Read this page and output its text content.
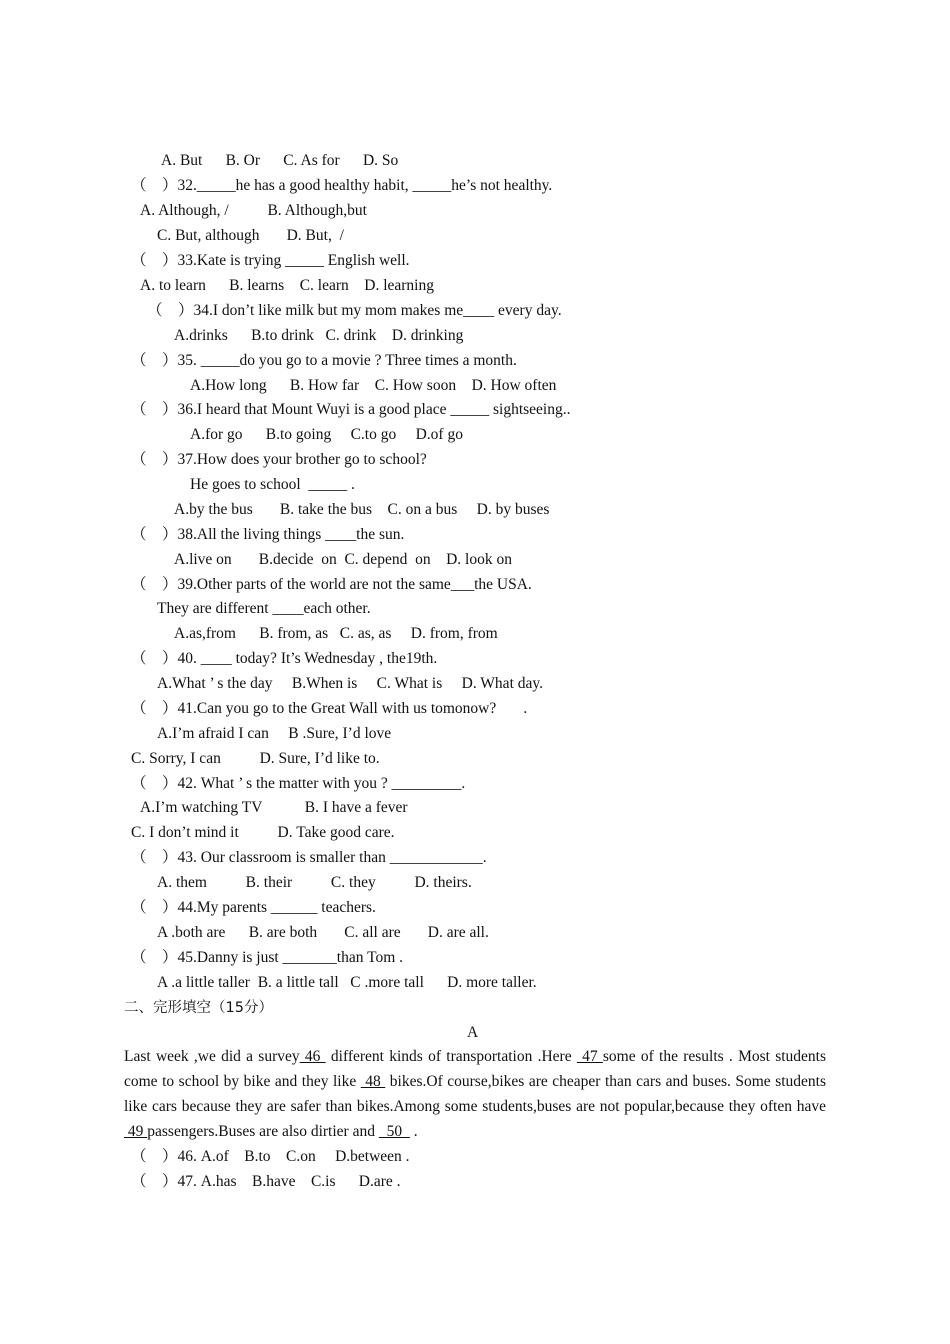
A. But      B. Or      C. As for      D. So
（    ）32._____he has a good healthy habit, _____he’s not healthy.
A. Although, /          B. Although,but
C. But, although       D. But,  /
（    ）33.Kate is trying _____ English well.
A. to learn      B. learns    C. learn    D. learning
（    ）34.I don’t like milk but my mom makes me____ every day.
A.drinks      B.to drink   C. drink    D. drinking
（    ）35. _____do you go to a movie ? Three times a month.
A.How long      B. How far    C. How soon    D. How often
（    ）36.I heard that Mount Wuyi is a good place _____ sightseeing..
A.for go      B.to going     C.to go     D.of go
（    ）37.How does your brother go to school?
He goes to school  _____ .
A.by the bus       B. take the bus    C. on a bus     D. by buses
（    ）38.All the living things ____the sun.
A.live on       B.decide  on  C. depend  on    D. look on
（    ）39.Other parts of the world are not the same___the USA.
They are different ____each other.
A.as,from      B. from, as   C. as, as     D. from, from
（    ）40. ____ today? It’s Wednesday , the19th.
A.What ’ s the day     B.When is     C. What is     D. What day.
（    ）41.Can you go to the Great Wall with us tomonow?       .
A.I’m afraid I can     B .Sure, I’d love
C. Sorry, I can          D. Sure, I’d like to.
（    ）42. What ’ s the matter with you ? _________.
A.I’m watching TV           B. I have a fever
C. I don’t mind it          D. Take good care.
（    ）43. Our classroom is smaller than ____________.
A. them          B. their          C. they          D. theirs.
（    ）44.My parents ______ teachers.
A .both are      B. are both       C. all are       D. are all.
（    ）45.Danny is just _______than Tom .
A .a little taller  B. a little tall   C .more tall      D. more taller.
二、完形填空（15分）
A
Last week ,we did a survey 46  different kinds of transportation .Here  47 some of the results . Most students come to school by bike and they like  48  bikes.Of course,bikes are cheaper than cars and buses. Some students like cars because they are safer than bikes.Among some students,buses are not popular,because they often have  49 passengers.Buses are also dirtier and   50   .
（    ）46. A.of    B.to    C.on     D.between .
（    ）47. A.has    B.have    C.is      D.are .
